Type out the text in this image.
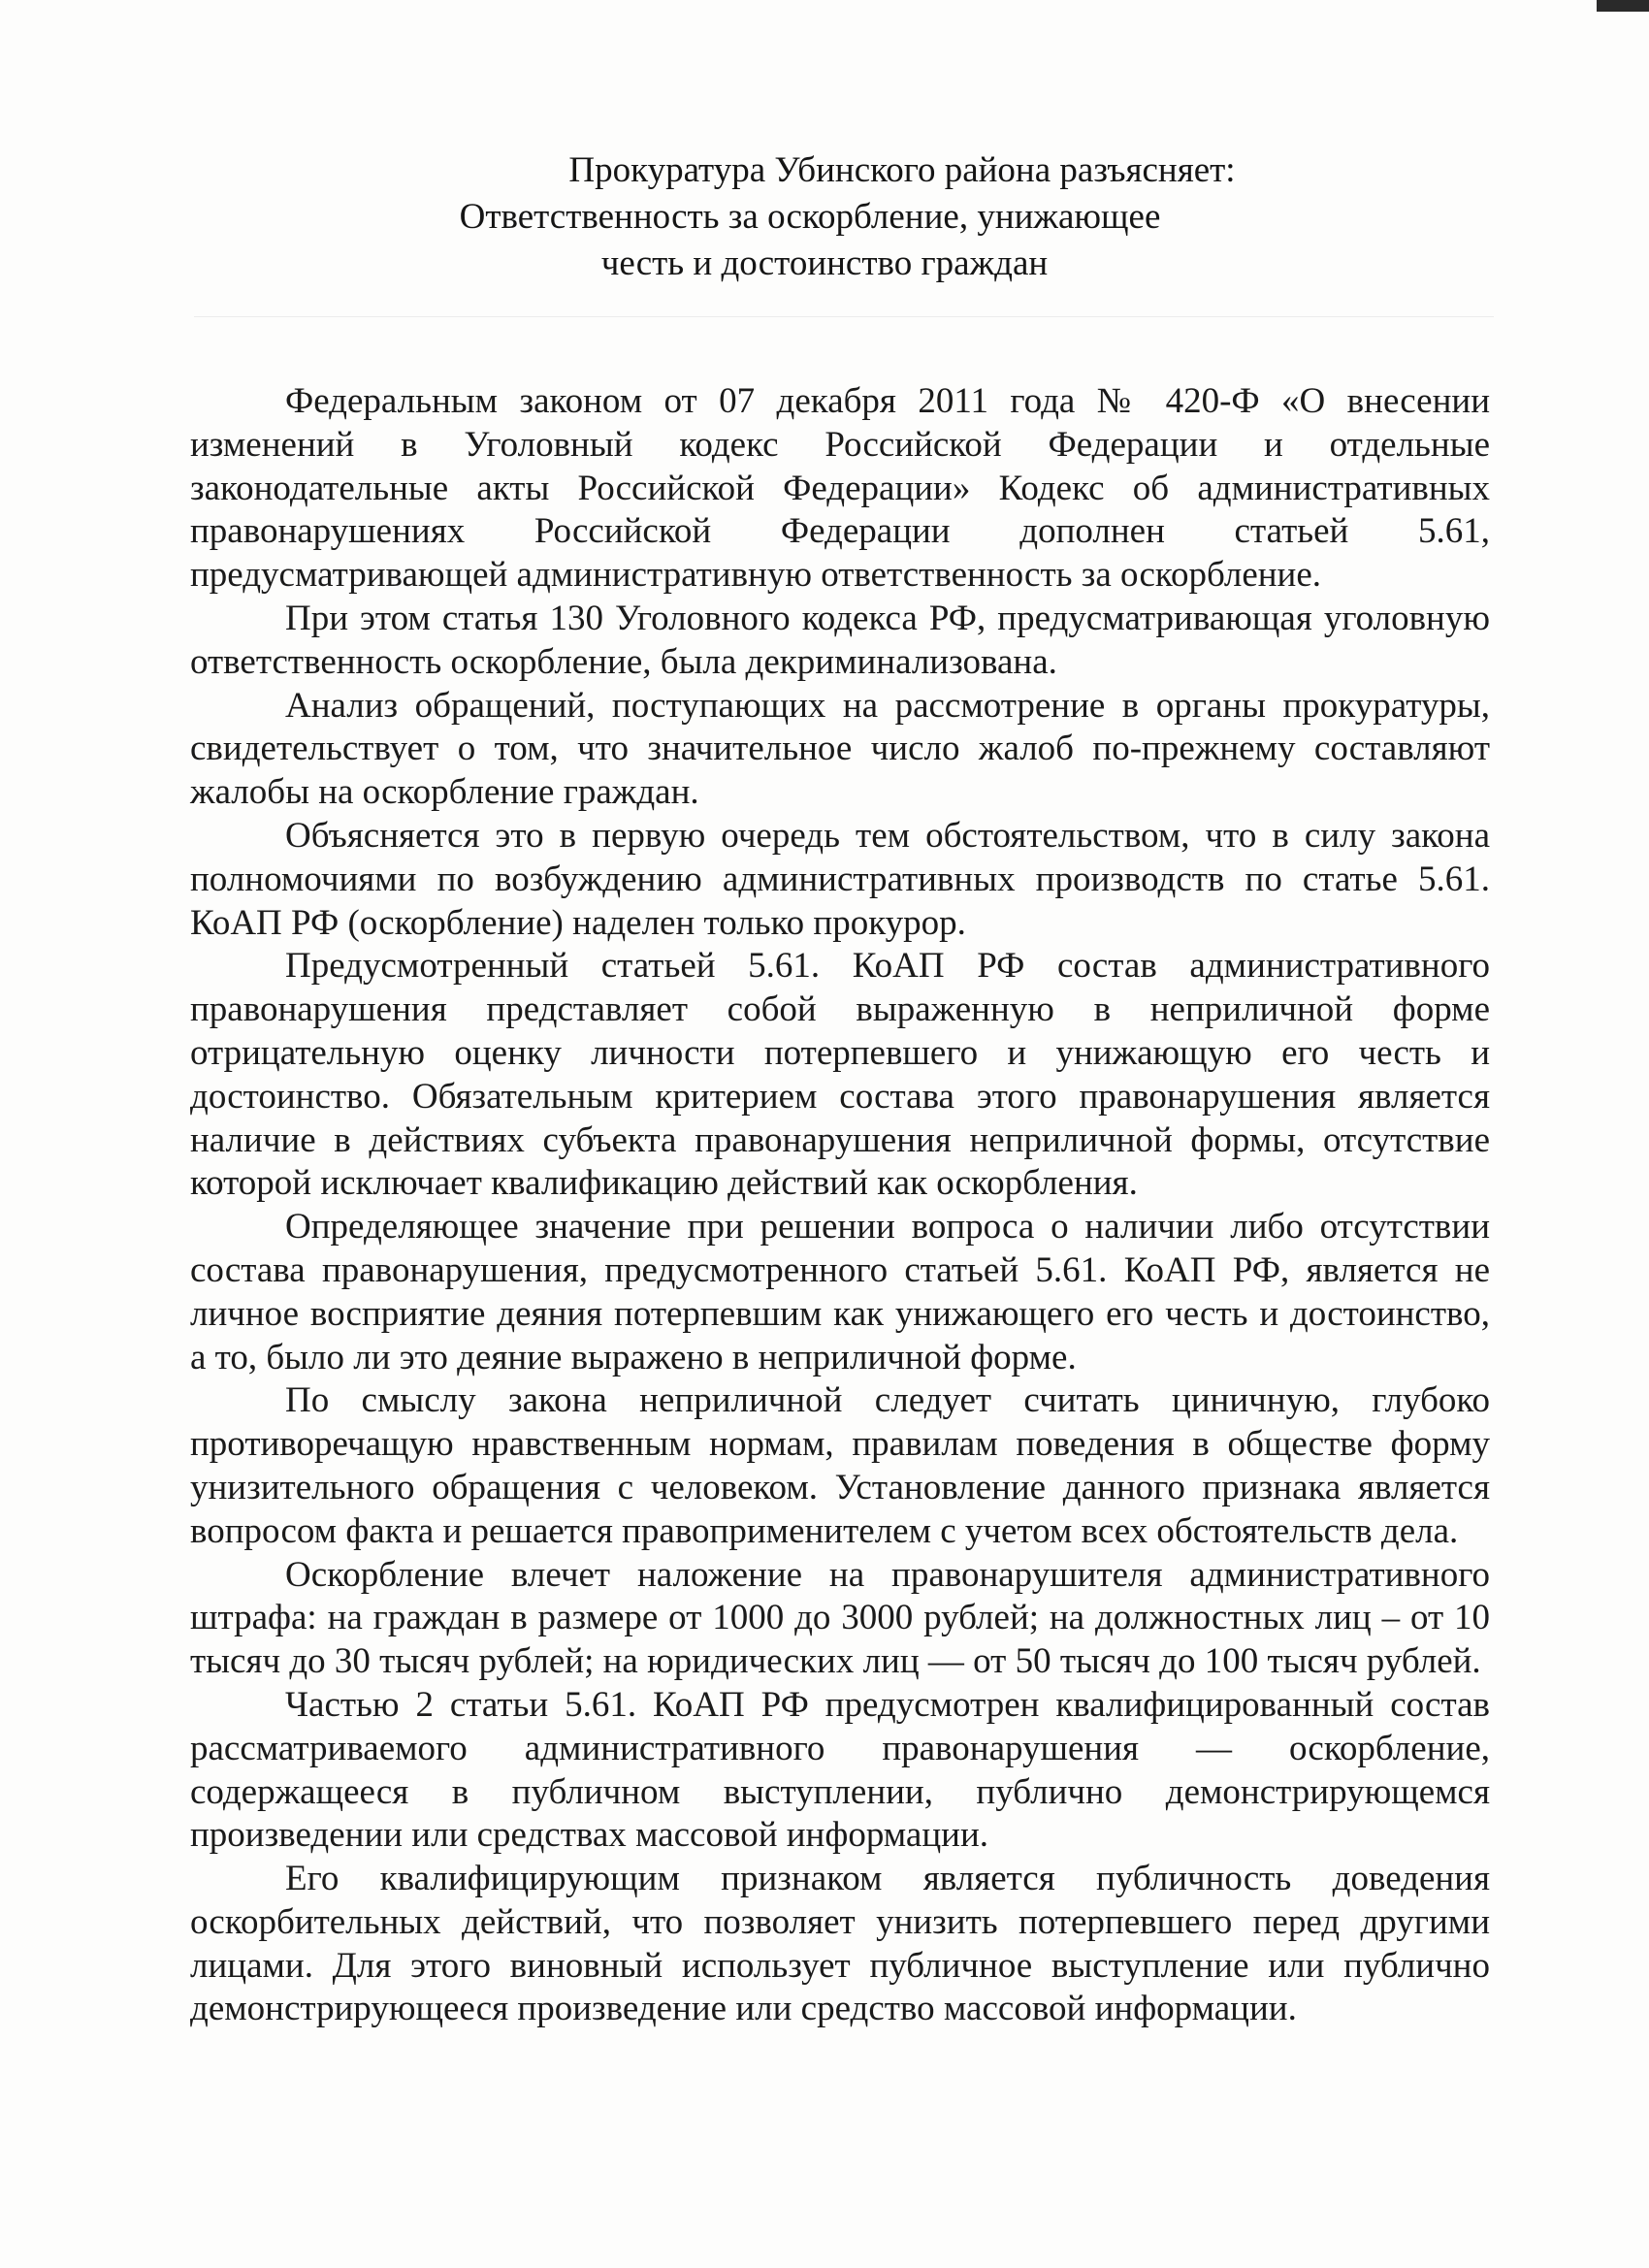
Прокуратура Убинского района разъясняет:
Ответственность за оскорбление, унижающее
честь и достоинство граждан

Федеральным законом от 07 декабря 2011 года № 420-Ф «О внесении изменений в Уголовный кодекс Российской Федерации и отдельные законодательные акты Российской Федерации» Кодекс об административных правонарушениях Российской Федерации дополнен статьей 5.61, предусматривающей административную ответственность за оскорбление.

При этом статья 130 Уголовного кодекса РФ, предусматривающая уголовную ответственность оскорбление, была декриминализована.

Анализ обращений, поступающих на рассмотрение в органы прокуратуры, свидетельствует о том, что значительное число жалоб по-прежнему составляют жалобы на оскорбление граждан.

Объясняется это в первую очередь тем обстоятельством, что в силу закона полномочиями по возбуждению административных производств по статье 5.61. КоАП РФ (оскорбление) наделен только прокурор.

Предусмотренный статьей 5.61. КоАП РФ состав административного правонарушения представляет собой выраженную в неприличной форме отрицательную оценку личности потерпевшего и унижающую его честь и достоинство. Обязательным критерием состава этого правонарушения является наличие в действиях субъекта правонарушения неприличной формы, отсутствие которой исключает квалификацию действий как оскорбления.

Определяющее значение при решении вопроса о наличии либо отсутствии состава правонарушения, предусмотренного статьей 5.61. КоАП РФ, является не личное восприятие деяния потерпевшим как унижающего его честь и достоинство, а то, было ли это деяние выражено в неприличной форме.

По смыслу закона неприличной следует считать циничную, глубоко противоречащую нравственным нормам, правилам поведения в обществе форму унизительного обращения с человеком. Установление данного признака является вопросом факта и решается правоприменителем с учетом всех обстоятельств дела.

Оскорбление влечет наложение на правонарушителя административного штрафа: на граждан в размере от 1000 до 3000 рублей; на должностных лиц – от 10 тысяч до 30 тысяч рублей; на юридических лиц — от 50 тысяч до 100 тысяч рублей.

Частью 2 статьи 5.61. КоАП РФ предусмотрен квалифицированный состав рассматриваемого административного правонарушения — оскорбление, содержащееся в публичном выступлении, публично демонстрирующемся произведении или средствах массовой информации.

Его квалифицирующим признаком является публичность доведения оскорбительных действий, что позволяет унизить потерпевшего перед другими лицами. Для этого виновный использует публичное выступление или публично демонстрирующееся произведение или средство массовой информации.
